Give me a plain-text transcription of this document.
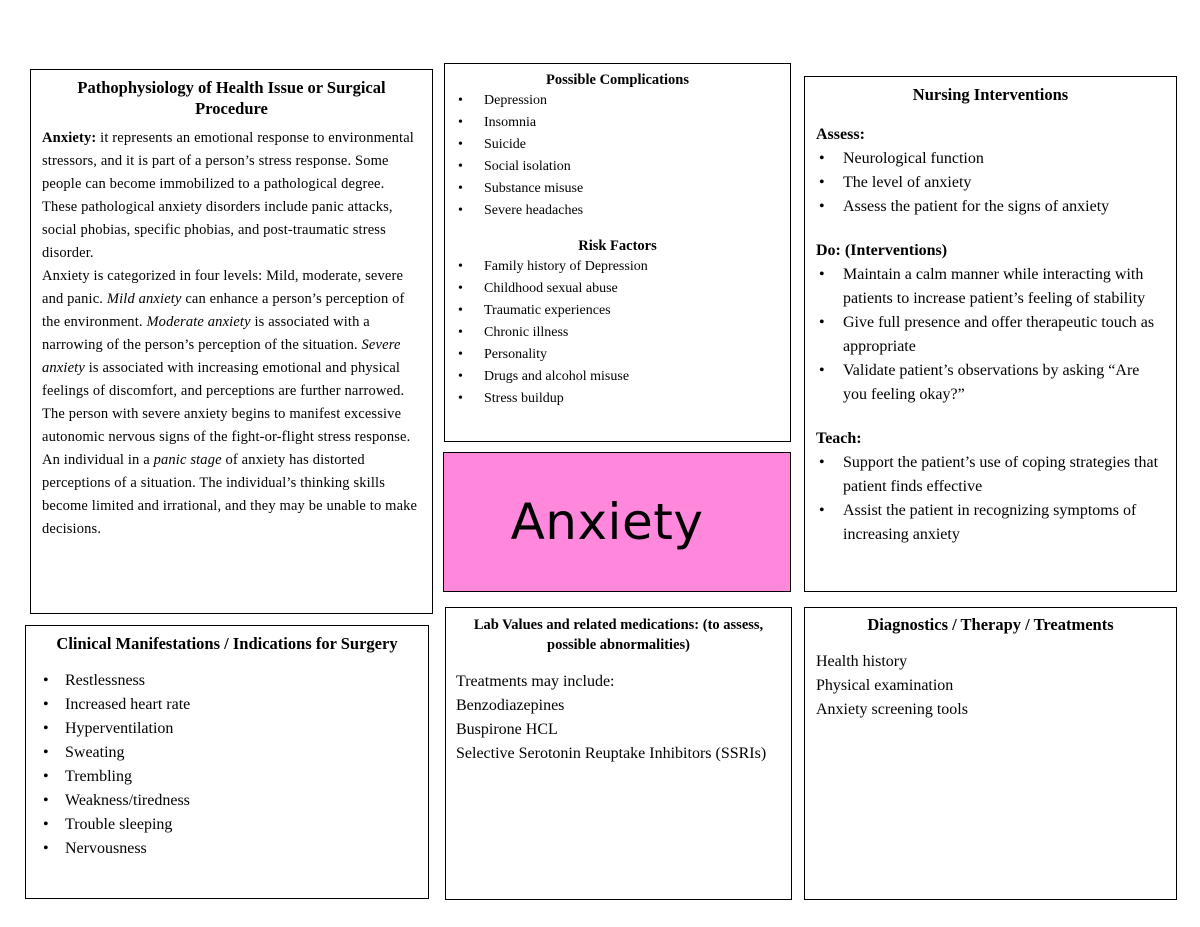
Pathophysiology of Health Issue or Surgical Procedure

Anxiety: it represents an emotional response to environmental stressors, and it is part of a person’s stress response. Some people can become immobilized to a pathological degree. These pathological anxiety disorders include panic attacks, social phobias, specific phobias, and post-traumatic stress disorder.

Anxiety is categorized in four levels: Mild, moderate, severe and panic. Mild anxiety can enhance a person’s perception of the environment. Moderate anxiety is associated with a narrowing of the person’s perception of the situation. Severe anxiety is associated with increasing emotional and physical feelings of discomfort, and perceptions are further narrowed. The person with severe anxiety begins to manifest excessive autonomic nervous signs of the fight-or-flight stress response. An individual in a panic stage of anxiety has distorted perceptions of a situation. The individual’s thinking skills become limited and irrational, and they may be unable to make decisions.

Possible Complications
• Depression
• Insomnia
• Suicide
• Social isolation
• Substance misuse
• Severe headaches
Risk Factors
• Family history of Depression
• Childhood sexual abuse
• Traumatic experiences
• Chronic illness
• Personality
• Drugs and alcohol misuse
• Stress buildup
Anxiety
Nursing Interventions
Assess:
• Neurological function
• The level of anxiety
• Assess the patient for the signs of anxiety
Do: (Interventions)
• Maintain a calm manner while interacting with patients to increase patient’s feeling of stability
• Give full presence and offer therapeutic touch as appropriate
• Validate patient’s observations by asking “Are you feeling okay?”
Teach:
• Support the patient’s use of coping strategies that patient finds effective
• Assist the patient in recognizing symptoms of increasing anxiety
Clinical Manifestations / Indications for Surgery
• Restlessness
• Increased heart rate
• Hyperventilation
• Sweating
• Trembling
• Weakness/tiredness
• Trouble sleeping
• Nervousness
Lab Values and related medications: (to assess, possible abnormalities)
Treatments may include:
Benzodiazepines
Buspirone HCL
Selective Serotonin Reuptake Inhibitors (SSRIs)
Diagnostics / Therapy / Treatments
Health history
Physical examination
Anxiety screening tools
